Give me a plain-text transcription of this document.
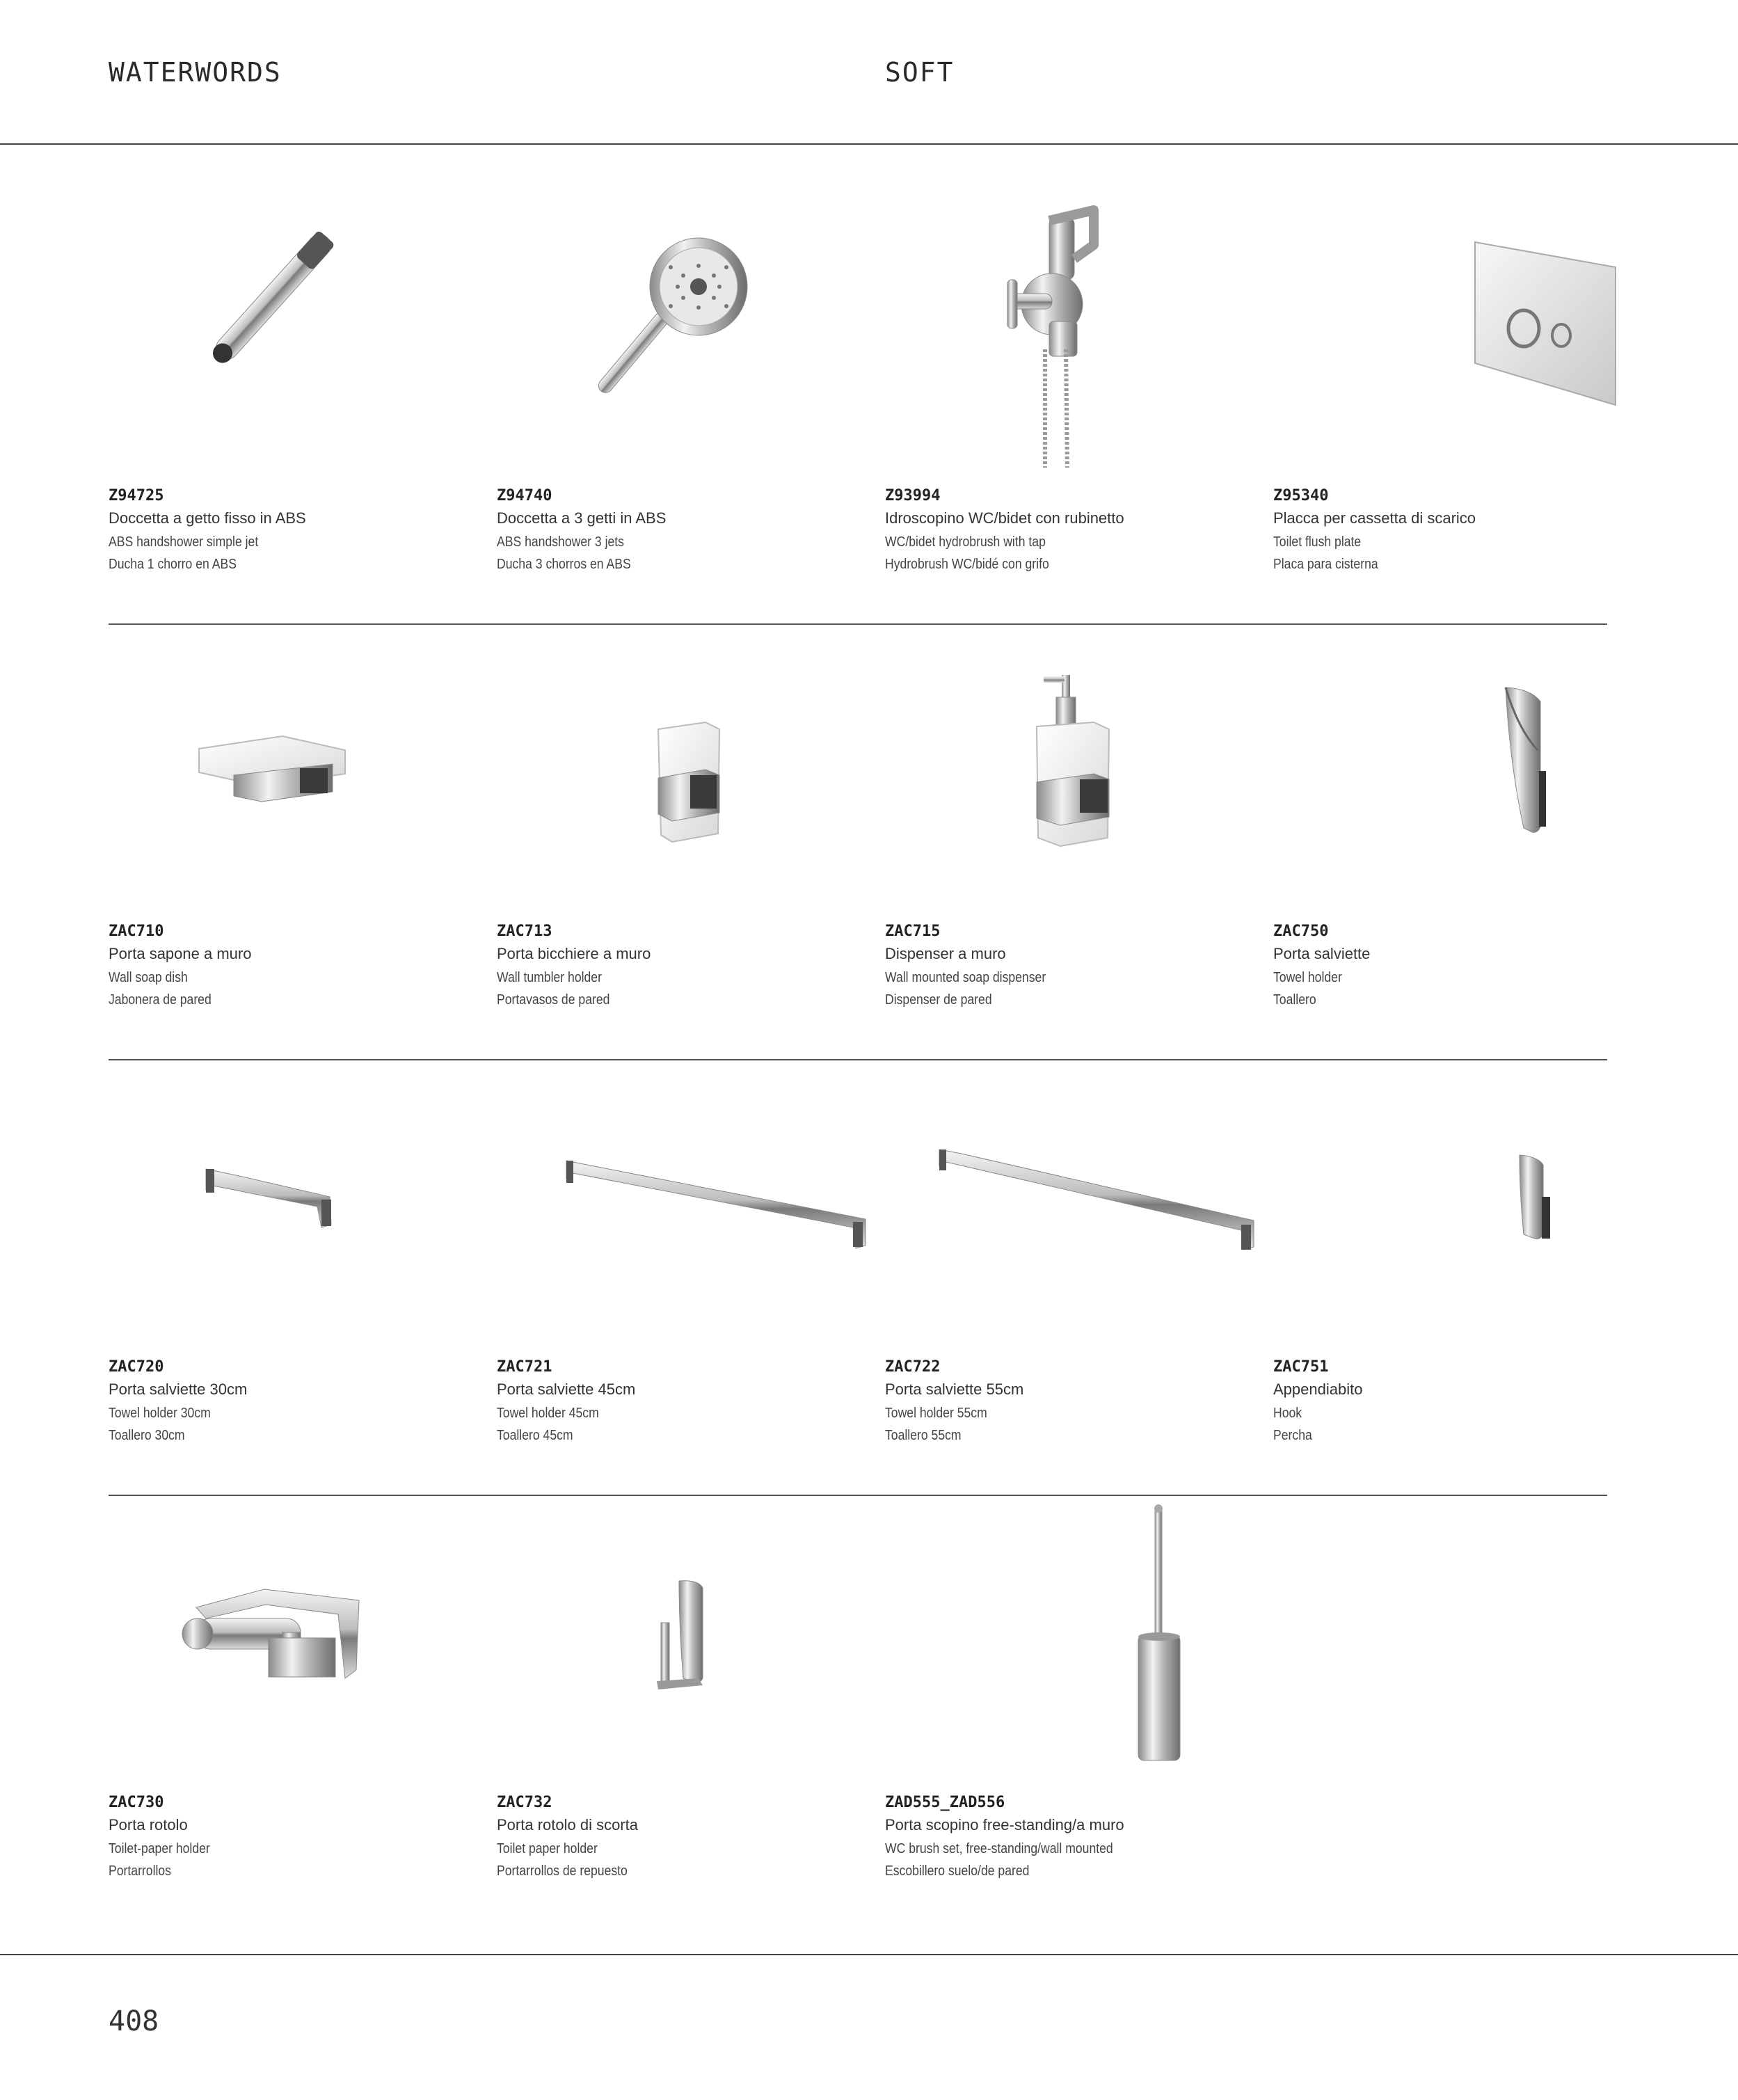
WATERWORDS	SOFT
Z94725
Doccetta a getto fisso in ABS
ABS handshower simple jet
Ducha 1 chorro en ABS
Z94740
Doccetta a 3 getti in ABS
ABS handshower 3 jets
Ducha 3 chorros en ABS
Z93994
Idroscopino WC/bidet con rubinetto
WC/bidet hydrobrush with tap
Hydrobrush WC/bidé con grifo
Z95340
Placca per cassetta di scarico
Toilet flush plate
Placa para cisterna
ZAC710
Porta sapone a muro
Wall soap dish
Jabonera de pared
ZAC713
Porta bicchiere a muro
Wall tumbler holder
Portavasos de pared
ZAC715
Dispenser a muro
Wall mounted soap dispenser
Dispenser de pared
ZAC750
Porta salviette
Towel holder
Toallero
ZAC720
Porta salviette 30cm
Towel holder 30cm
Toallero 30cm
ZAC721
Porta salviette 45cm
Towel holder 45cm
Toallero 45cm
ZAC722
Porta salviette 55cm
Towel holder 55cm
Toallero 55cm
ZAC751
Appendiabito
Hook
Percha
ZAC730
Porta rotolo
Toilet-paper holder
Portarrollos
ZAC732
Porta rotolo di scorta
Toilet paper holder
Portarrollos de repuesto
ZAD555_ZAD556
Porta scopino free-standing/a muro
WC brush set, free-standing/wall mounted
Escobillero suelo/de pared
408
